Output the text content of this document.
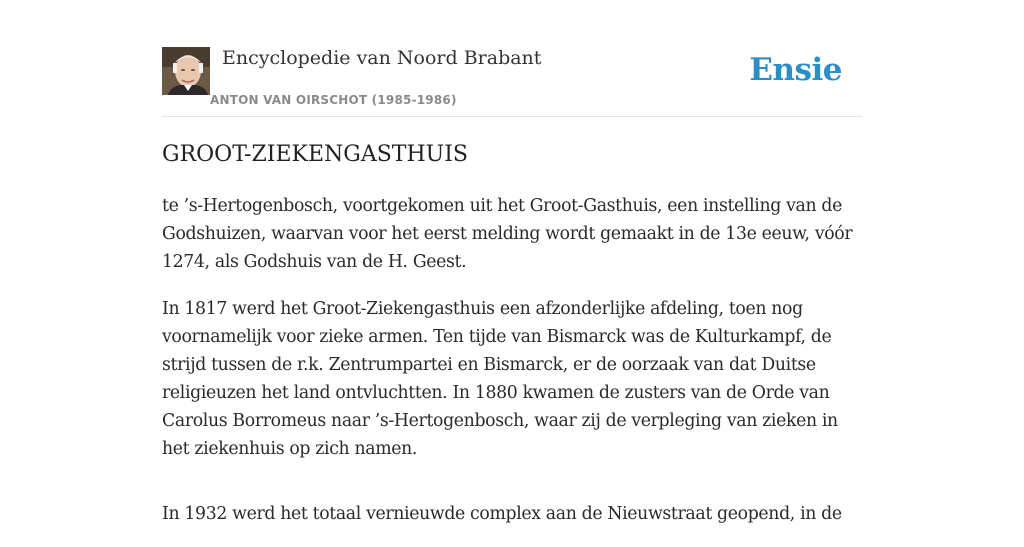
Encyclopedie van Noord Brabant
ANTON VAN OIRSCHOT (1985-1986)
Ensie
GROOT-ZIEKENGASTHUIS

te ’s-Hertogenbosch, voortgekomen uit het Groot-Gasthuis, een instelling van de Godshuizen, waarvan voor het eerst melding wordt gemaakt in de 13e eeuw, vóór 1274, als Godshuis van de H. Geest.

In 1817 werd het Groot-Ziekengasthuis een afzonderlijke afdeling, toen nog voornamelijk voor zieke armen. Ten tijde van Bismarck was de Kulturkampf, de strijd tussen de r.k. Zentrumpartei en Bismarck, er de oorzaak van dat Duitse religieuzen het land ontvluchtten. In 1880 kwamen de zusters van de Orde van Carolus Borromeus naar ’s-Hertogenbosch, waar zij de verpleging van zieken in het ziekenhuis op zich namen.

In 1932 werd het totaal vernieuwde complex aan de Nieuwstraat geopend, in de
